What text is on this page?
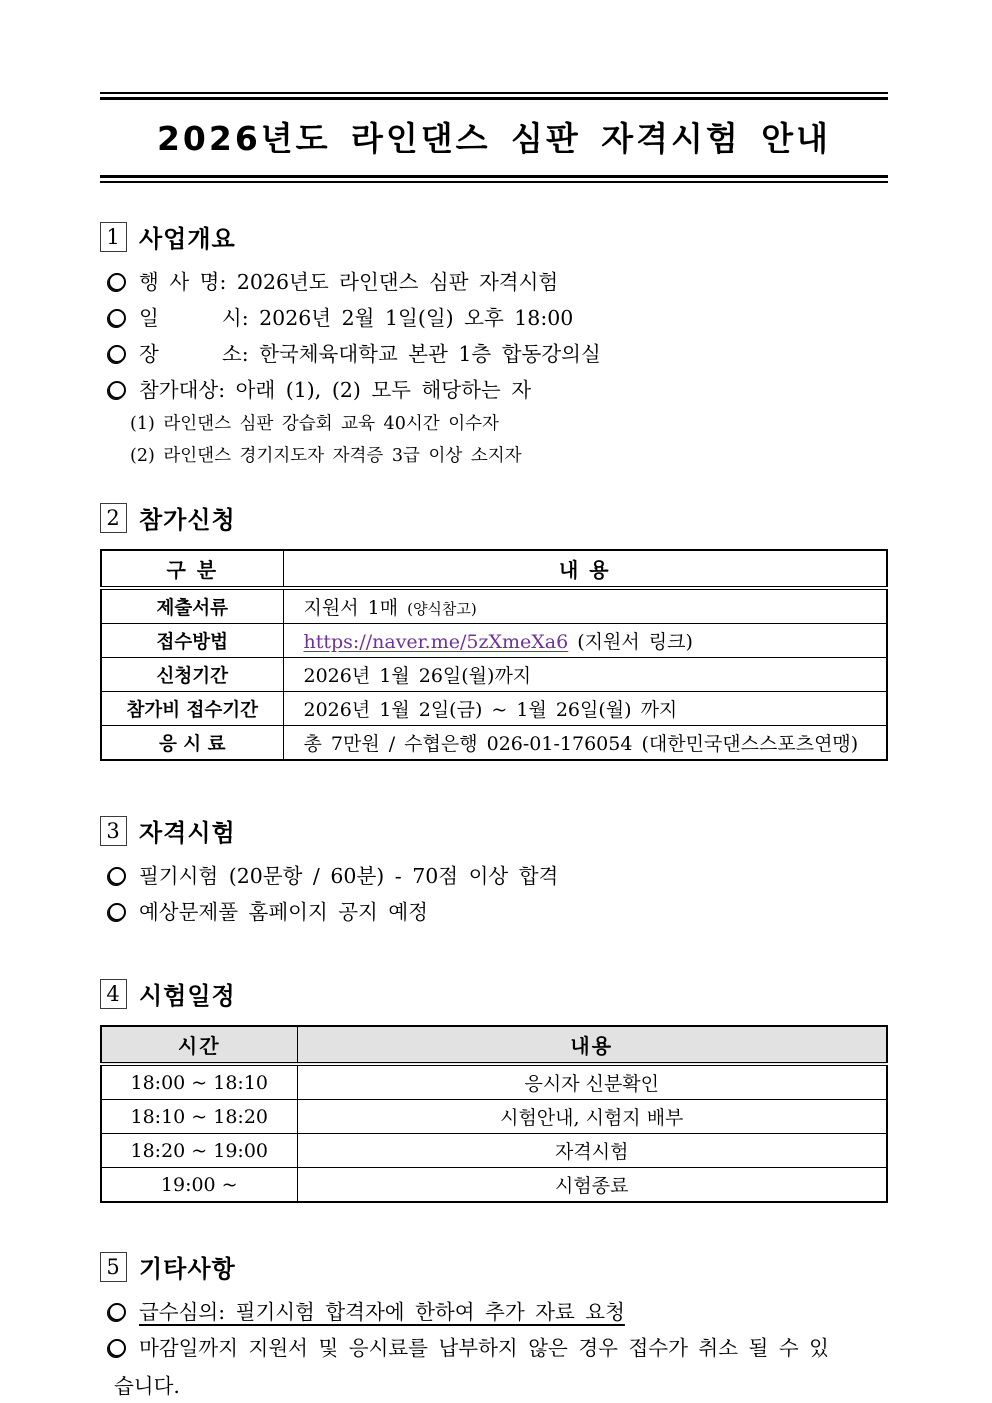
2026년도 라인댄스 심판 자격시험 안내
1 사업개요
행 사 명: 2026년도 라인댄스 심판 자격시험
일      시: 2026년 2월 1일(일) 오후 18:00
장      소: 한국체육대학교 본관 1층 합동강의실
참가대상: 아래 (1), (2) 모두 해당하는 자
(1) 라인댄스 심판 강습회 교육 40시간 이수자
(2) 라인댄스 경기지도자 자격증 3급 이상 소지자
2 참가신청
구 분	내 용
제출서류	지원서 1매 (양식참고)
접수방법	https://naver.me/5zXmeXa6 (지원서 링크)
신청기간	2026년 1월 26일(월)까지
참가비 접수기간	2026년 1월 2일(금) ~ 1월 26일(월) 까지
응 시 료	총 7만원 / 수협은행 026-01-176054 (대한민국댄스스포츠연맹)
3 자격시험
필기시험 (20문항 / 60분) - 70점 이상 합격
예상문제풀 홈페이지 공지 예정
4 시험일정
시간	내용
18:00 ~ 18:10	응시자 신분확인
18:10 ~ 18:20	시험안내, 시험지 배부
18:20 ~ 19:00	자격시험
19:00 ~	시험종료
5 기타사항
급수심의: 필기시험 합격자에 한하여 추가 자료 요청
마감일까지 지원서 및 응시료를 납부하지 않은 경우 접수가 취소 될 수 있
습니다.
